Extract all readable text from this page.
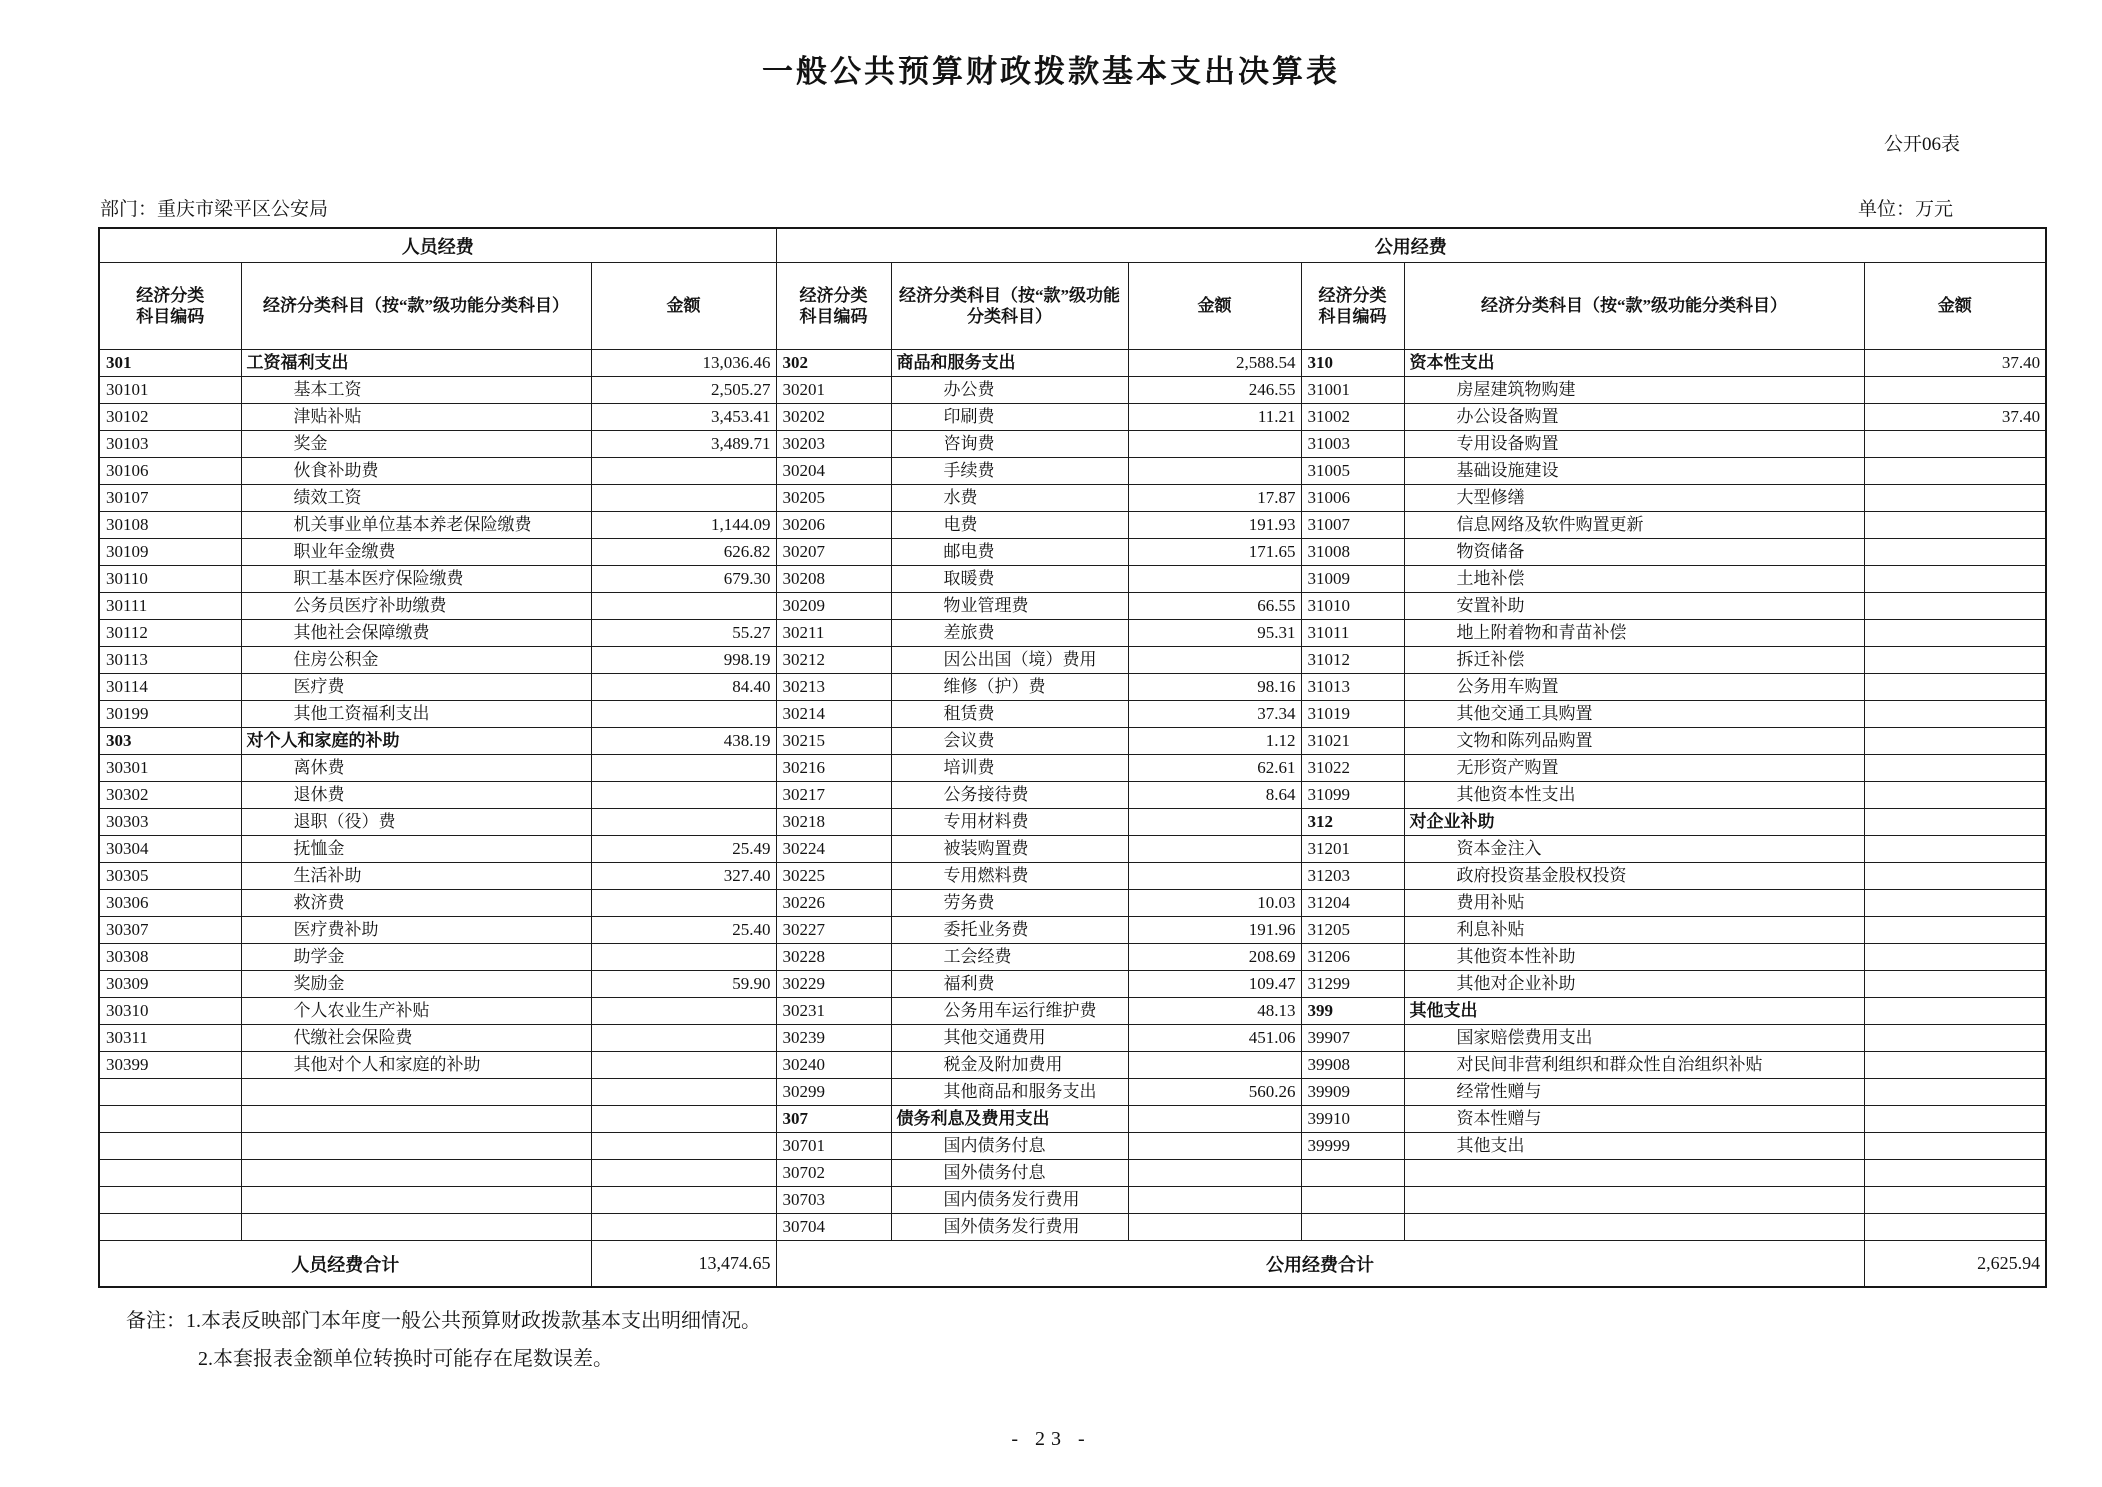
一般公共预算财政拨款基本支出决算表
公开06表
部门：重庆市梁平区公安局	单位：万元
人员经费			公用经费					
经济分类科目编码	经济分类科目（按“款”级功能分类科目）	金额	经济分类科目编码	经济分类科目（按“款”级功能分类科目）	金额	经济分类科目编码	经济分类科目（按“款”级功能分类科目）	金额
301	工资福利支出	13,036.46	302	商品和服务支出	2,588.54	310	资本性支出	37.40
30101	基本工资	2,505.27	30201	办公费	246.55	31001	房屋建筑物购建	
30102	津贴补贴	3,453.41	30202	印刷费	11.21	31002	办公设备购置	37.40
30103	奖金	3,489.71	30203	咨询费		31003	专用设备购置	
30106	伙食补助费		30204	手续费		31005	基础设施建设	
30107	绩效工资		30205	水费	17.87	31006	大型修缮	
30108	机关事业单位基本养老保险缴费	1,144.09	30206	电费	191.93	31007	信息网络及软件购置更新	
30109	职业年金缴费	626.82	30207	邮电费	171.65	31008	物资储备	
30110	职工基本医疗保险缴费	679.30	30208	取暖费		31009	土地补偿	
30111	公务员医疗补助缴费		30209	物业管理费	66.55	31010	安置补助	
30112	其他社会保障缴费	55.27	30211	差旅费	95.31	31011	地上附着物和青苗补偿	
30113	住房公积金	998.19	30212	因公出国（境）费用		31012	拆迁补偿	
30114	医疗费	84.40	30213	维修（护）费	98.16	31013	公务用车购置	
30199	其他工资福利支出		30214	租赁费	37.34	31019	其他交通工具购置	
303	对个人和家庭的补助	438.19	30215	会议费	1.12	31021	文物和陈列品购置	
30301	离休费		30216	培训费	62.61	31022	无形资产购置	
30302	退休费		30217	公务接待费	8.64	31099	其他资本性支出	
30303	退职（役）费		30218	专用材料费		312	对企业补助	
30304	抚恤金	25.49	30224	被装购置费		31201	资本金注入	
30305	生活补助	327.40	30225	专用燃料费		31203	政府投资基金股权投资	
30306	救济费		30226	劳务费	10.03	31204	费用补贴	
30307	医疗费补助	25.40	30227	委托业务费	191.96	31205	利息补贴	
30308	助学金		30228	工会经费	208.69	31206	其他资本性补助	
30309	奖励金	59.90	30229	福利费	109.47	31299	其他对企业补助	
30310	个人农业生产补贴		30231	公务用车运行维护费	48.13	399	其他支出	
30311	代缴社会保险费		30239	其他交通费用	451.06	39907	国家赔偿费用支出	
30399	其他对个人和家庭的补助		30240	税金及附加费用		39908	对民间非营利组织和群众性自治组织补贴	
			30299	其他商品和服务支出	560.26	39909	经常性赠与	
			307	债务利息及费用支出		39910	资本性赠与	
			30701	国内债务付息		39999	其他支出	
			30702	国外债务付息				
			30703	国内债务发行费用				
			30704	国外债务发行费用				
人员经费合计		13,474.65	公用经费合计					2,625.94
备注： 1.本表反映部门本年度一般公共预算财政拨款基本支出明细情况。
2.本套报表金额单位转换时可能存在尾数误差。
- 23 -
